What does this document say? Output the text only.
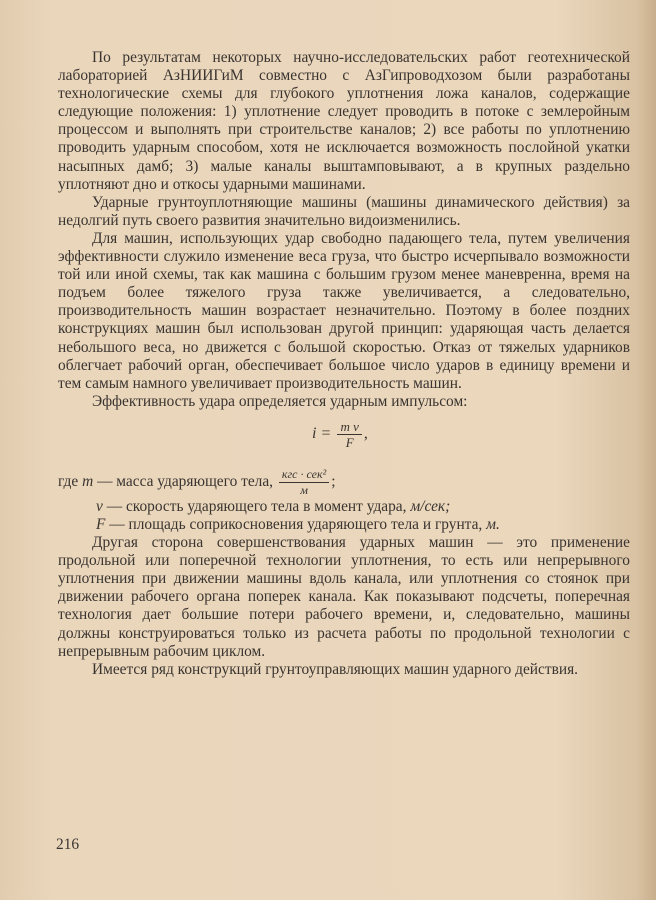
По результатам некоторых научно-исследовательских работ геотехнической лабораторией АзНИИГиМ совместно с АзГипроводхозом были разработаны технологические схемы для глубокого уплотнения ложа каналов, содержащие следующие положения: 1) уплотнение следует проводить в потоке с землеройным процессом и выполнять при строительстве каналов; 2) все работы по уплотнению проводить ударным способом, хотя не исключается возможность послойной укатки насыпных дамб; 3) малые каналы выштамповывают, а в крупных раздельно уплотняют дно и откосы ударными машинами.

Ударные грунтоуплотняющие машины (машины динамического действия) за недолгий путь своего развития значительно видоизменились.

Для машин, использующих удар свободно падающего тела, путем увеличения эффективности служило изменение веса груза, что быстро исчерпывало возможности той или иной схемы, так как машина с большим грузом менее маневренна, время на подъем более тяжелого груза также увеличивается, а следовательно, производительность машин возрастает незначительно. Поэтому в более поздних конструкциях машин был использован другой принцип: ударяющая часть делается небольшого веса, но движется с большой скоростью. Отказ от тяжелых ударников облегчает рабочий орган, обеспечивает большое число ударов в единицу времени и тем самым намного увеличивает производительность машин.

Эффективность удара определяется ударным импульсом:

$i = \frac{\text{m v}}{F}$ ,
где
m
— масса ударяющего тела,
$\frac{\text{кгс · сек²}}{м}$ ;

v — скорость ударяющего тела в момент удара, м/сек;

F — площадь соприкосновения ударяющего тела и грунта, м.

Другая сторона совершенствования ударных машин — это применение продольной или поперечной технологии уплотнения, то есть или непрерывного уплотнения при движении машины вдоль канала, или уплотнения со стоянок при движении рабочего органа поперек канала. Как показывают подсчеты, поперечная технология дает большие потери рабочего времени, и, следовательно, машины должны конструироваться только из расчета работы по продольной технологии с непрерывным рабочим циклом.

Имеется ряд конструкций грунтоуправляющих машин ударного действия.

216
